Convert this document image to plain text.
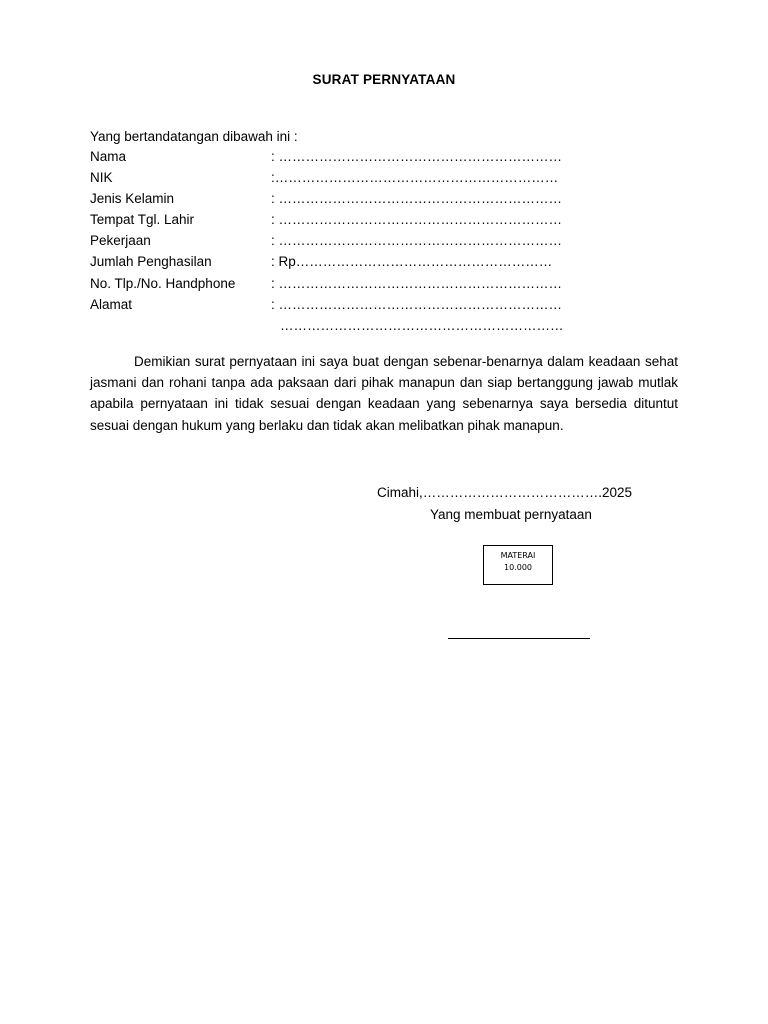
SURAT PERNYATAAN
Yang bertandatangan dibawah ini :
Nama	: ………………………………………………………
NIK	:………………………………………………………
Jenis Kelamin	: ………………………………………………………
Tempat Tgl. Lahir	: ………………………………………………………
Pekerjaan	: ………………………………………………………
Jumlah Penghasilan	: Rp…………………………………………………
No. Tlp./No. Handphone	: ………………………………………………………
Alamat	: ………………………………………………………
………………………………………………………

Demikian surat pernyataan ini saya buat dengan sebenar-benarnya dalam keadaan sehat jasmani dan rohani tanpa ada paksaan dari pihak manapun dan siap bertanggung jawab mutlak apabila pernyataan ini tidak sesuai dengan keadaan yang sebenarnya saya bersedia dituntut sesuai dengan hukum yang berlaku dan tidak akan melibatkan pihak manapun.

Cimahi,………………………………….2025
Yang membuat pernyataan
MATERAI
10.000
